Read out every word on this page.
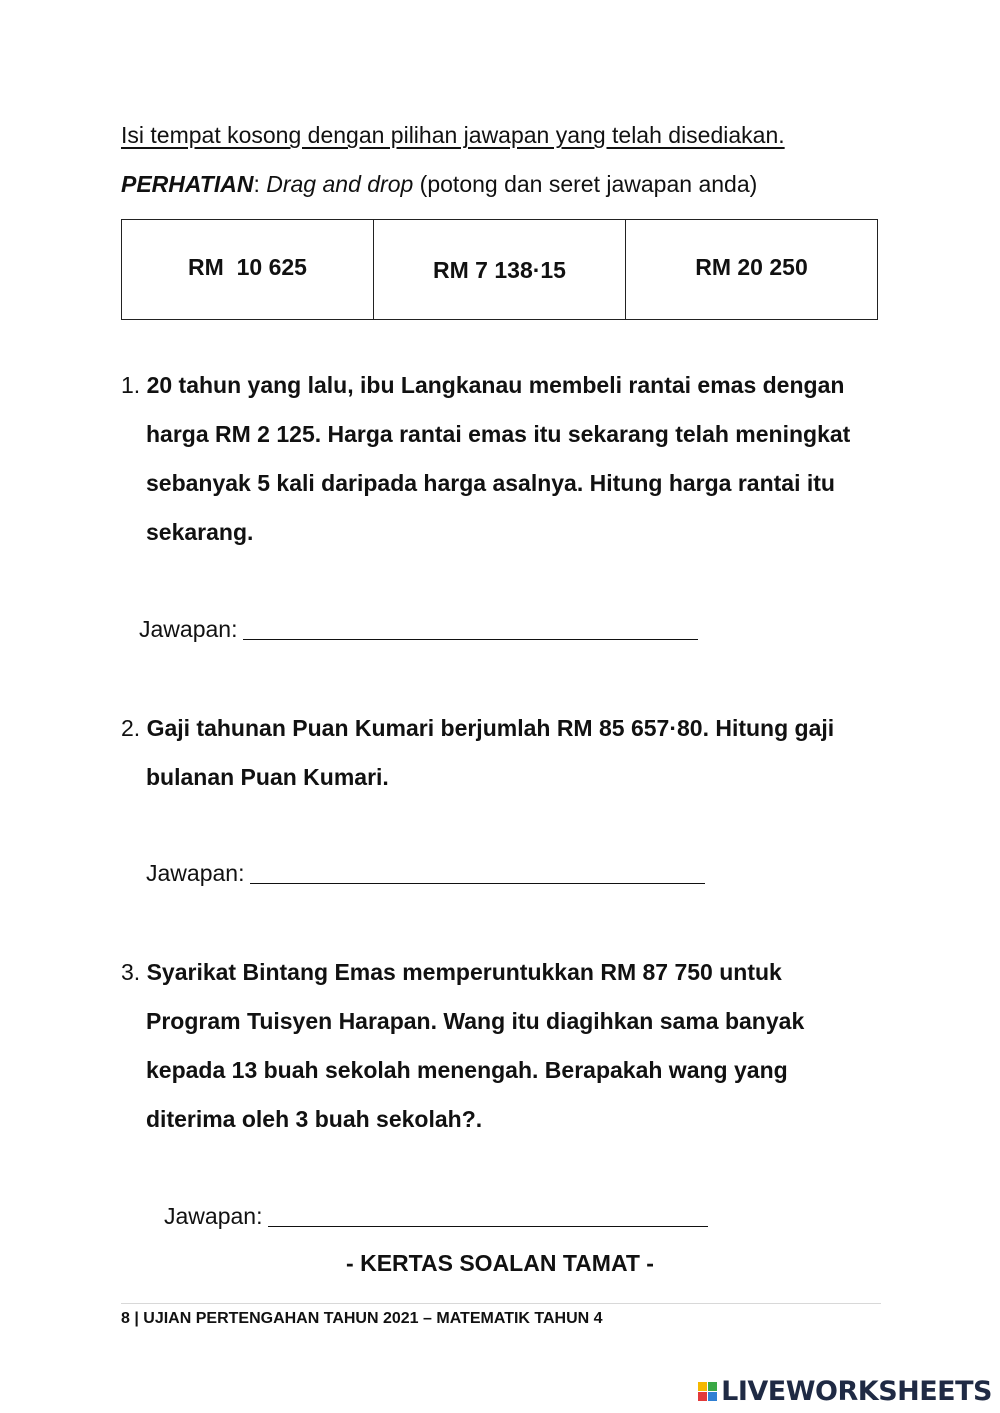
Isi tempat kosong dengan pilihan jawapan yang telah disediakan.
PERHATIAN: Drag and drop (potong dan seret jawapan anda)
RM  10 625	RM 7 138·15	RM 20 250

1. 20 tahun yang lalu, ibu Langkanau membeli rantai emas dengan harga RM 2 125. Harga rantai emas itu sekarang telah meningkat sebanyak 5 kali daripada harga asalnya. Hitung harga rantai itu sekarang.

Jawapan:

2. Gaji tahunan Puan Kumari berjumlah RM 85 657·80. Hitung gaji bulanan Puan Kumari.

Jawapan:

3. Syarikat Bintang Emas memperuntukkan RM 87 750 untuk Program Tuisyen Harapan. Wang itu diagihkan sama banyak kepada 13 buah sekolah menengah. Berapakah wang yang diterima oleh 3 buah sekolah?.

Jawapan:
- KERTAS SOALAN TAMAT -
8 | UJIAN PERTENGAHAN TAHUN 2021 – MATEMATIK TAHUN 4
LIVEWORKSHEETS
